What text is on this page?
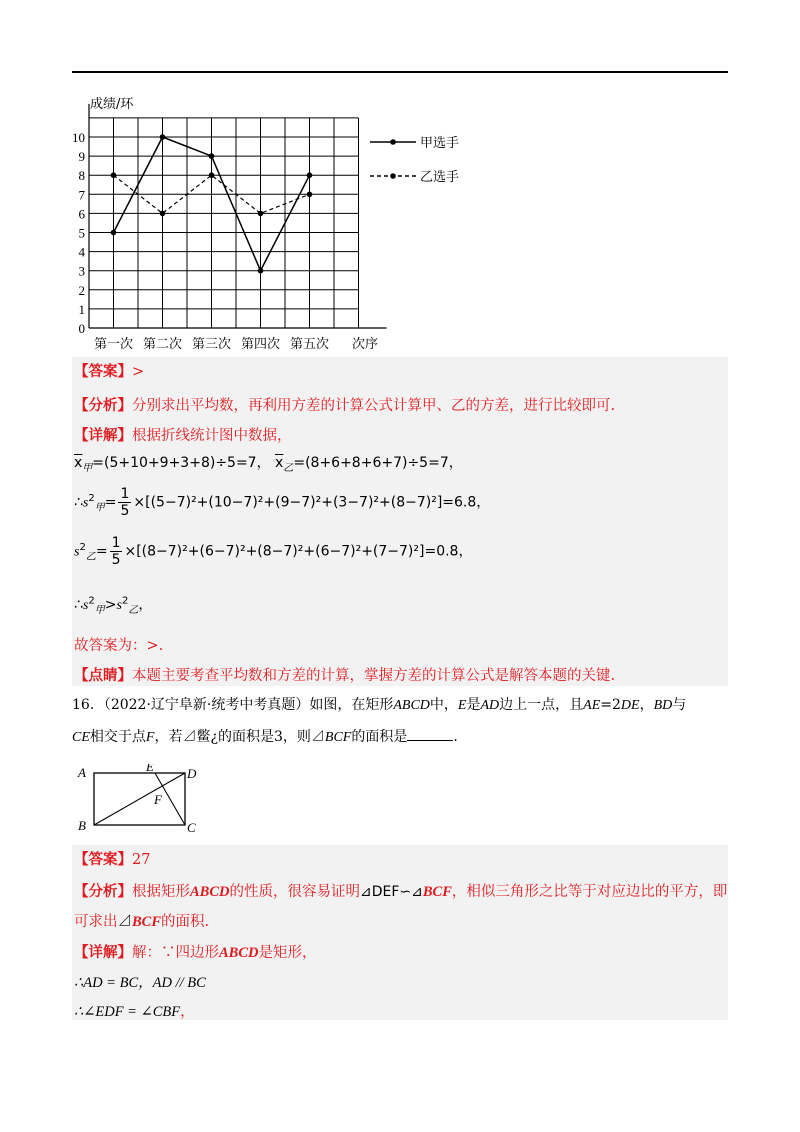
0
1
2
3
4
5
6
7
8
9
10
第一次 第二次 第三次 第四次 第五次
甲选手
乙选手
成绩/环
次序
【答案】>
【分析】分别求出平均数，再利用方差的计算公式计算甲、乙的方差，进行比较即可.
【详解】根据折线统计图中数据，
$\overline{x}_甲=(5+10+9+3+8)\div 5=7$， $\overline{x}_乙=(8+6+8+6+7)\div 5=7$，
$\therefore s^2_甲= \frac{1}{5} \times[(5-7)^2+(10-7)^2+(9-7)^2+(3-7)^2+(8-7)^2]=6.8$，
$s^2_乙= \frac{1}{5} \times[(8-7)^2+(6-7)^2+(8-7)^2+(6-7)^2+(7-7)^2]=0.8$，
$\therefore s^2_甲>s^2_乙$，
故答案为：>.
【点睛】本题主要考查平均数和方差的计算，掌握方差的计算公式是解答本题的关键.
16．（2022·辽宁阜新·统考中考真题）如图，在矩形ABCD中，E是AD边上一点，且AE=2DE，BD与
CE相交于点F，若⊿鳖¿的面积是3，则⊿BCF的面积是	.
A
B	C
D
E
F
【答案】27
【分析】根据矩形ABCD的性质，很容易证明⊿DEF∽⊿BCF，相似三角形之比等于对应边比的平方，即
可求出⊿BCF的面积.
【详解】解：∵四边形ABCD是矩形，
∴AD = BC，AD // BC
∴∠EDF = ∠CBF，
